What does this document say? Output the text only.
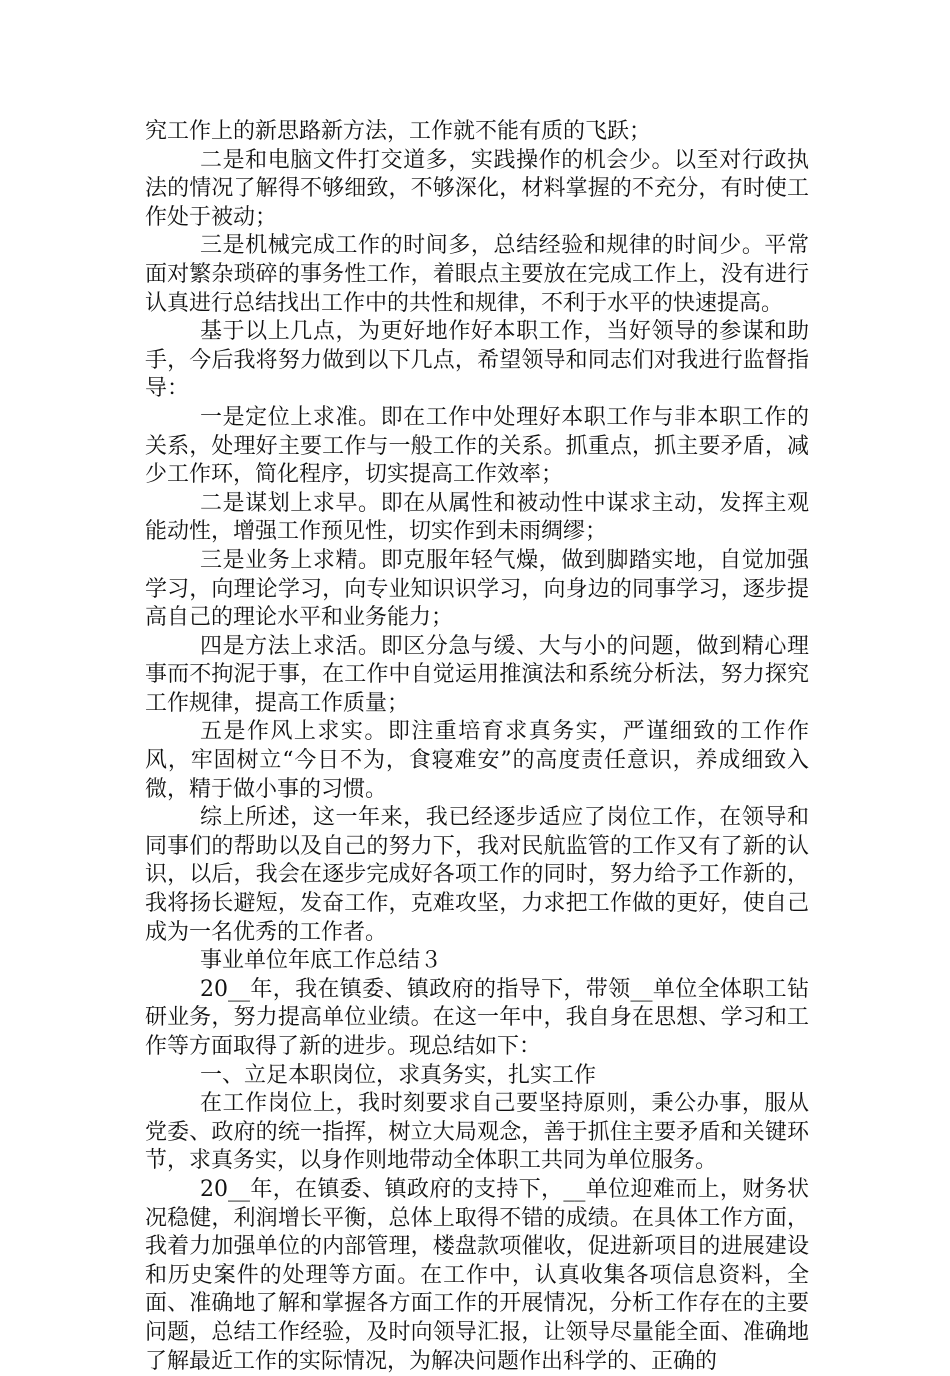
究工作上的新思路新方法，工作就不能有质的飞跃；

二是和电脑文件打交道多，实践操作的机会少。以至对行政执法的情况了解得不够细致，不够深化，材料掌握的不充分，有时使工作处于被动；

三是机械完成工作的时间多，总结经验和规律的时间少。平常面对繁杂琐碎的事务性工作，着眼点主要放在完成工作上，没有进行认真进行总结找出工作中的共性和规律，不利于水平的快速提高。

基于以上几点，为更好地作好本职工作，当好领导的参谋和助手，今后我将努力做到以下几点，希望领导和同志们对我进行监督指导：

一是定位上求准。即在工作中处理好本职工作与非本职工作的关系，处理好主要工作与一般工作的关系。抓重点，抓主要矛盾，减少工作环，简化程序，切实提高工作效率；

二是谋划上求早。即在从属性和被动性中谋求主动，发挥主观能动性，增强工作预见性，切实作到未雨绸缪；

三是业务上求精。即克服年轻气燥，做到脚踏实地，自觉加强学习，向理论学习，向专业知识识学习，向身边的同事学习，逐步提高自己的理论水平和业务能力；

四是方法上求活。即区分急与缓、大与小的问题，做到精心理事而不拘泥于事，在工作中自觉运用推演法和系统分析法，努力探究工作规律，提高工作质量；

五是作风上求实。即注重培育求真务实，严谨细致的工作作风，牢固树立“今日不为，食寝难安”的高度责任意识，养成细致入微，精于做小事的习惯。

综上所述，这一年来，我已经逐步适应了岗位工作，在领导和同事们的帮助以及自己的努力下，我对民航监管的工作又有了新的认识，以后，我会在逐步完成好各项工作的同时，努力给予工作新的，我将扬长避短，发奋工作，克难攻坚，力求把工作做的更好，使自己成为一名优秀的工作者。

事业单位年底工作总结３

20__年，我在镇委、镇政府的指导下，带领__单位全体职工钻研业务，努力提高单位业绩。在这一年中，我自身在思想、学习和工作等方面取得了新的进步。现总结如下：

一、立足本职岗位，求真务实，扎实工作

在工作岗位上，我时刻要求自己要坚持原则，秉公办事，服从党委、政府的统一指挥，树立大局观念，善于抓住主要矛盾和关键环节，求真务实，以身作则地带动全体职工共同为单位服务。

20__年，在镇委、镇政府的支持下，__单位迎难而上，财务状况稳健，利润增长平衡，总体上取得不错的成绩。在具体工作方面，我着力加强单位的内部管理，楼盘款项催收，促进新项目的进展建设和历史案件的处理等方面。在工作中，认真收集各项信息资料，全面、准确地了解和掌握各方面工作的开展情况，分析工作存在的主要问题，总结工作经验，及时向领导汇报，让领导尽量能全面、准确地了解最近工作的实际情况，为解决问题作出科学的、正确的
